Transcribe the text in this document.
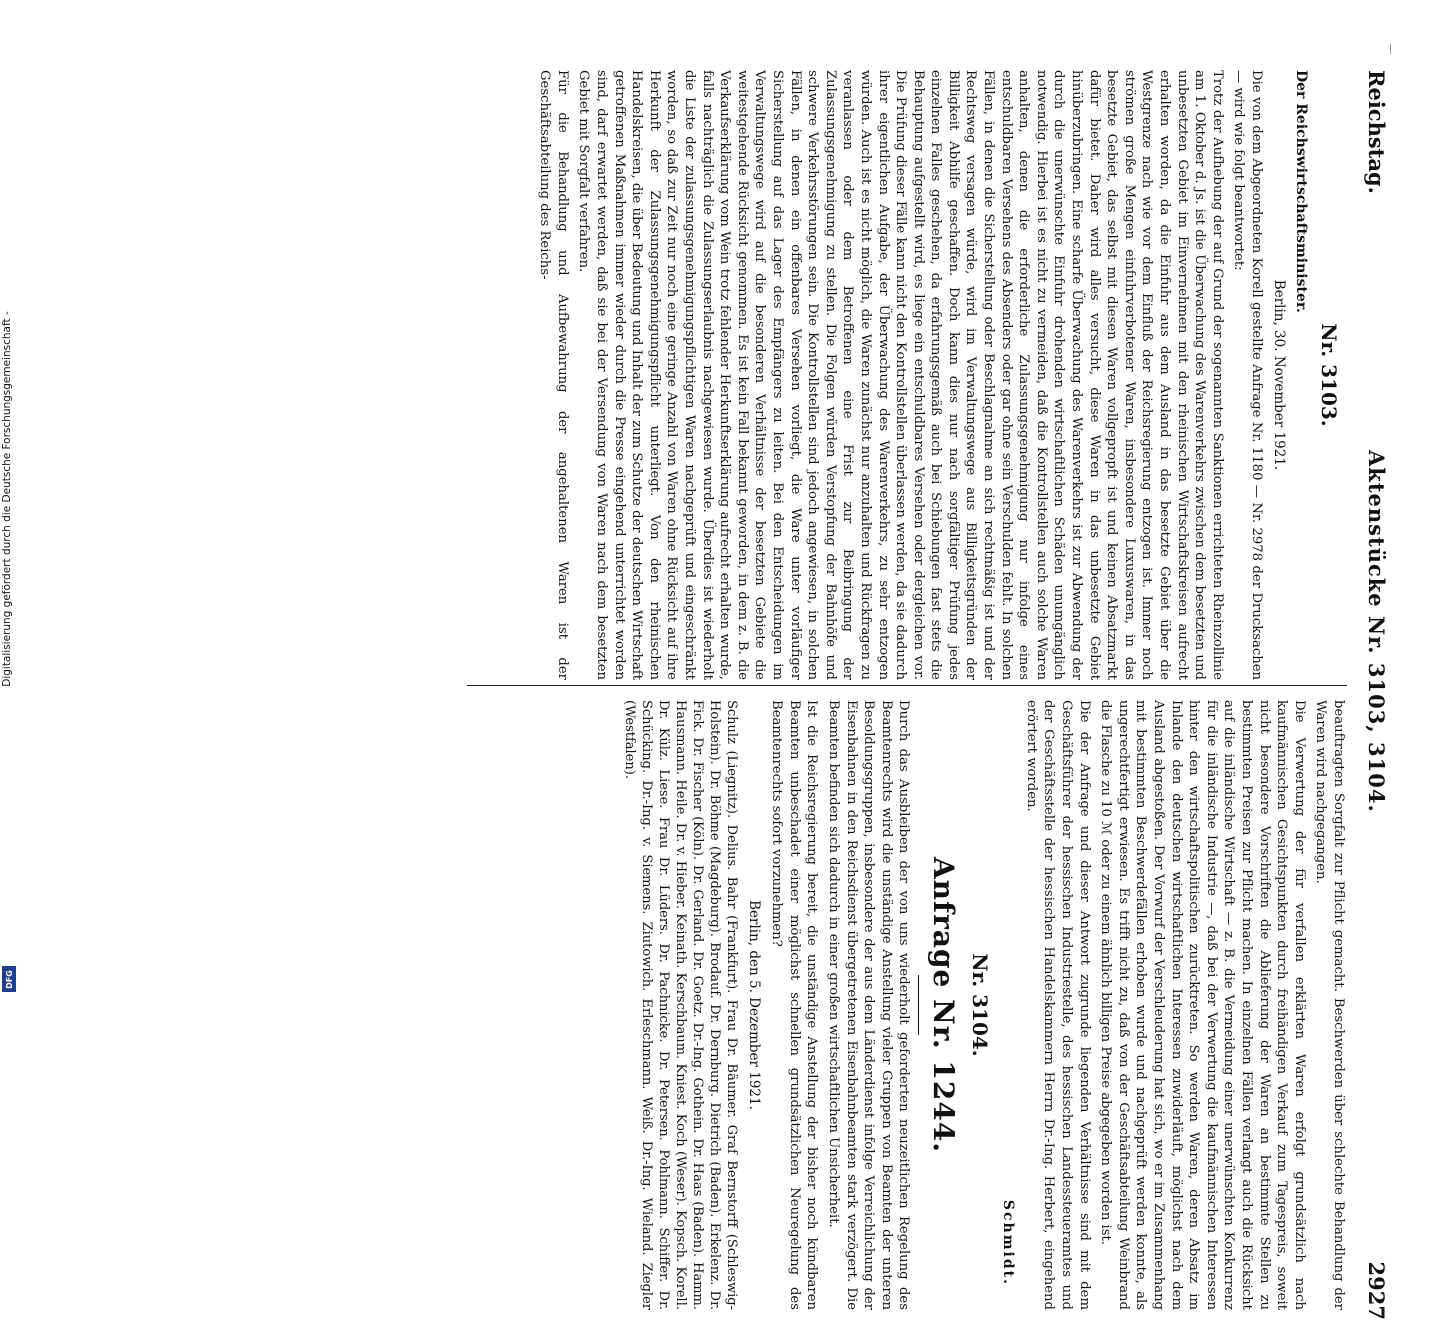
Reichstag.
Aktenstücke Nr. 3103, 3104.
2927
Nr. 3103.
Der Reichswirtschaftsminister.
Berlin, 30. November 1921.

Die von dem Abgeordneten Korell gestellte Anfrage Nr. 1180 — Nr. 2978 der Drucksachen — wird wie folgt beantwortet:

Trotz der Aufhebung der auf Grund der sogenannten Sanktionen errichteten Rheinzollinie am 1. Oktober d. Js. ist die Überwachung des Warenverkehrs zwischen dem besetzten und unbesetzten Gebiet im Einvernehmen mit den rheinischen Wirtschaftskreisen aufrecht erhalten worden, da die Einfuhr aus dem Ausland in das besetzte Gebiet über die Westgrenze nach wie vor dem Einfluß der Reichsregierung entzogen ist. Immer noch strömen große Mengen einfuhrverbotener Waren, insbesondere Luxuswaren, in das besetzte Gebiet, das selbst mit diesen Waren vollgepropft ist und keinen Absatzmarkt dafür bietet. Daher wird alles versucht, diese Waren in das unbesetzte Gebiet hinüberzubringen. Eine scharfe Überwachung des Warenverkehrs ist zur Abwendung der durch die unerwünschte Einfuhr drohenden wirtschaftlichen Schäden unumgänglich notwendig. Hierbei ist es nicht zu vermeiden, daß die Kontrollstellen auch solche Waren anhalten, denen die erforderliche Zulassungsgenehmigung nur infolge eines entschuldbaren Versehens des Absenders oder gar ohne sein Verschulden fehlt. In solchen Fällen, in denen die Sicherstellung oder Beschlagnahme an sich rechtmäßig ist und der Rechtsweg versagen würde, wird im Verwaltungswege aus Billigkeitsgründen der Billigkeit Abhilfe geschaffen. Doch kann dies nur nach sorgfältiger Prüfung jedes einzelnen Falles geschehen, da erfahrungsgemäß auch bei Schiebungen fast stets die Behauptung aufgestellt wird, es liege ein entschuldbares Versehen oder dergleichen vor. Die Prüfung dieser Fälle kann nicht den Kontrollstellen überlassen werden, da sie dadurch ihrer eigentlichen Aufgabe, der Überwachung des Warenverkehrs, zu sehr entzogen würden. Auch ist es nicht möglich, die Waren zunächst nur anzuhalten und Rückfragen zu veranlassen oder dem Betroffenen eine Frist zur Beibringung der Zulassungsgenehmigung zu stellen. Die Folgen würden Verstopfung der Bahnhöfe und schwere Verkehrsstörungen sein. Die Kontrollstellen sind jedoch angewiesen, in solchen Fällen, in denen ein offenbares Versehen vorliegt, die Ware unter vorläufiger Sicherstellung auf das Lager des Empfängers zu leiten. Bei den Entscheidungen im Verwaltungswege wird auf die besonderen Verhältnisse der besetzten Gebiete die weitestgehende Rücksicht genommen. Es ist kein Fall bekannt geworden, in dem z. B. die Verkaufserklärung vom Wein trotz fehlender Herkunftserklärung aufrecht erhalten wurde, falls nachträglich die Zulassungserlaubnis nachgewiesen wurde. Überdies ist wiederholt die Liste der zulassungsgenehmigungspflichtigen Waren nachgeprüft und eingeschränkt worden, so daß zur Zeit nur noch eine geringe Anzahl von Waren ohne Rücksicht auf ihre Herkunft der Zulassungsgenehmigungspflicht unterliegt. Von den rheinischen Handelskreisen, die über Bedeutung und Inhalt der zum Schutze der deutschen Wirtschaft getroffenen Maßnahmen immer wieder durch die Presse eingehend unterrichtet worden sind, darf erwartet werden, daß sie bei der Versendung von Waren nach dem besetzten Gebiet mit Sorgfalt verfahren.

Für die Behandlung und Aufbewahrung der angehaltenen Waren ist der Geschäftsabteilung des Reichs-

beauftragten Sorgfalt zur Pflicht gemacht. Beschwerden über schlechte Behandlung der Waren wird nachgegangen.

Die Verwertung der für verfallen erklärten Waren erfolgt grundsätzlich nach kaufmännischen Gesichtspunkten durch freihändigen Verkauf zum Tagespreis, soweit nicht besondere Vorschriften die Ablieferung der Waren an bestimmte Stellen zu bestimmten Preisen zur Pflicht machen. In einzelnen Fällen verlangt auch die Rücksicht auf die inländische Wirtschaft — z. B. die Vermeidung einer unerwünschten Konkurrenz für die inländische Industrie —, daß bei der Verwertung die kaufmännischen Interessen hinter den wirtschaftspolitischen zurücktreten. So werden Waren, deren Absatz im Inlande den deutschen wirtschaftlichen Interessen zuwiderläuft, möglichst nach dem Ausland abgestoßen. Der Vorwurf der Verschleuderung hat sich, wo er im Zusammenhang mit bestimmten Beschwerdefällen erhoben wurde und nachgeprüft werden konnte, als ungerechtfertigt erwiesen. Es trifft nicht zu, daß von der Geschäftsabteilung Weinbrand die Flasche zu 10 ℳ oder zu einem ähnlich billigen Preise abgegeben worden ist.

Die der Anfrage und dieser Antwort zugrunde liegenden Verhältnisse sind mit dem Geschäftsführer der hessischen Industriestelle, des hessischen Landessteueramtes und der Geschäftsstelle der hessischen Handelskammern Herrn Dr.-Ing. Herbert, eingehend erörtert worden.

Schmidt.
Nr. 3104.
Anfrage Nr. 1244.

Durch das Ausbleiben der von uns wiederholt geforderten neuzeitlichen Regelung des Beamtenrechts wird die unständige Anstellung vieler Gruppen von Beamten der unteren Besoldungsgruppen, insbesondere der aus dem Länderdienst infolge Verreichlichung der Eisenbahnen in den Reichsdienst übergetretenen Eisenbahnbeamten stark verzögert. Die Beamten befinden sich dadurch in einer großen wirtschaftlichen Unsicherheit.

Ist die Reichsregierung bereit, die unständige Anstellung der bisher noch kündbaren Beamten unbeschadet einer möglichst schnellen grundsätzlichen Neuregelung des Beamtenrechts sofort vorzunehmen?

Berlin, den 5. Dezember 1921.
Schulz (Liegnitz). Delius. Bahr (Frankfurt). Frau Dr. Bäumer. Graf Bernstorff (Schleswig-Holstein). Dr. Böhme (Magdeburg). Brodauf. Dr. Dernburg. Dietrich (Baden). Erkelenz. Dr. Fick. Dr. Fischer (Köln). Dr. Gerland. Dr. Goetz. Dr.-Ing. Gothein. Dr. Haas (Baden). Hamm. Hausmann. Heile. Dr. v. Hieber. Keinath. Kerschbaum. Kniest. Koch (Weser). Kopsch. Korell. Dr. Külz. Liese. Frau Dr. Lüders. Dr. Pachnicke. Dr. Petersen. Pohlmann. Schiffer. Dr. Schücking. Dr.-Ing. v. Siemens. Ziutowich. Erleschmann. Weiß. Dr.-Ing. Wieland. Ziegler (Westfalen).
Digitalisierung gefördert durch die Deutsche Forschungsgemeinschaft -
DFG
